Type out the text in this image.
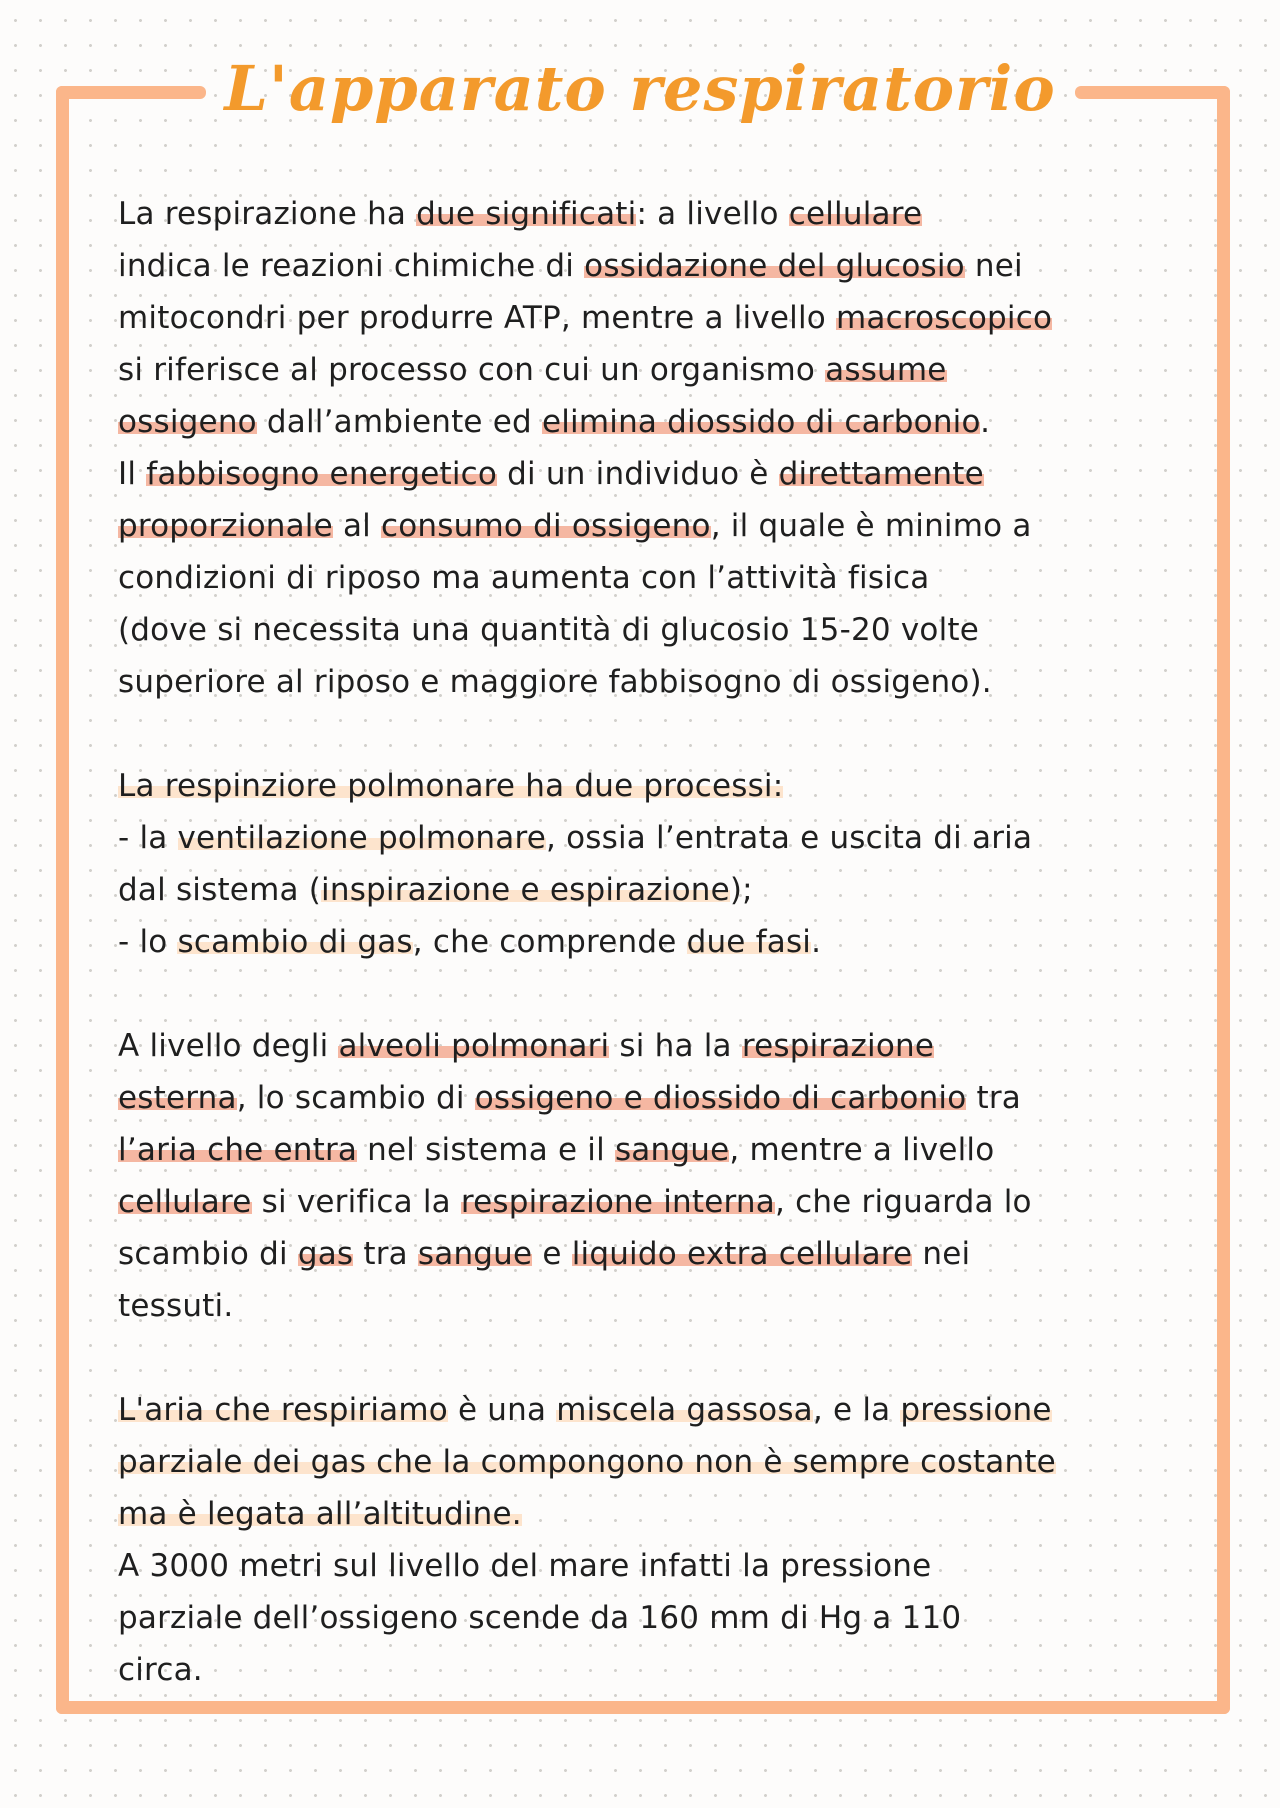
L'apparato respiratorio
La respirazione ha due significati: a livello cellulare
indica le reazioni chimiche di ossidazione del glucosio nei
mitocondri per produrre ATP, mentre a livello macroscopico
si riferisce al processo con cui un organismo assume
ossigeno dall’ambiente ed elimina diossido di carbonio.
Il fabbisogno energetico di un individuo è direttamente
proporzionale al consumo di ossigeno, il quale è minimo a
condizioni di riposo ma aumenta con l’attività fisica
(dove si necessita una quantità di glucosio 15-20 volte
superiore al riposo e maggiore fabbisogno di ossigeno).
La respinziore polmonare ha due processi:
- la ventilazione polmonare, ossia l’entrata e uscita di aria
dal sistema (inspirazione e espirazione);
- lo scambio di gas, che comprende due fasi.
A livello degli alveoli polmonari si ha la respirazione
esterna, lo scambio di ossigeno e diossido di carbonio tra
l’aria che entra nel sistema e il sangue, mentre a livello
cellulare si verifica la respirazione interna, che riguarda lo
scambio di gas tra sangue e liquido extra cellulare nei
tessuti.
L'aria che respiriamo è una miscela gassosa, e la pressione
parziale dei gas che la compongono non è sempre costante
ma è legata all’altitudine.
A 3000 metri sul livello del mare infatti la pressione
parziale dell’ossigeno scende da 160 mm di Hg a 110
circa.
